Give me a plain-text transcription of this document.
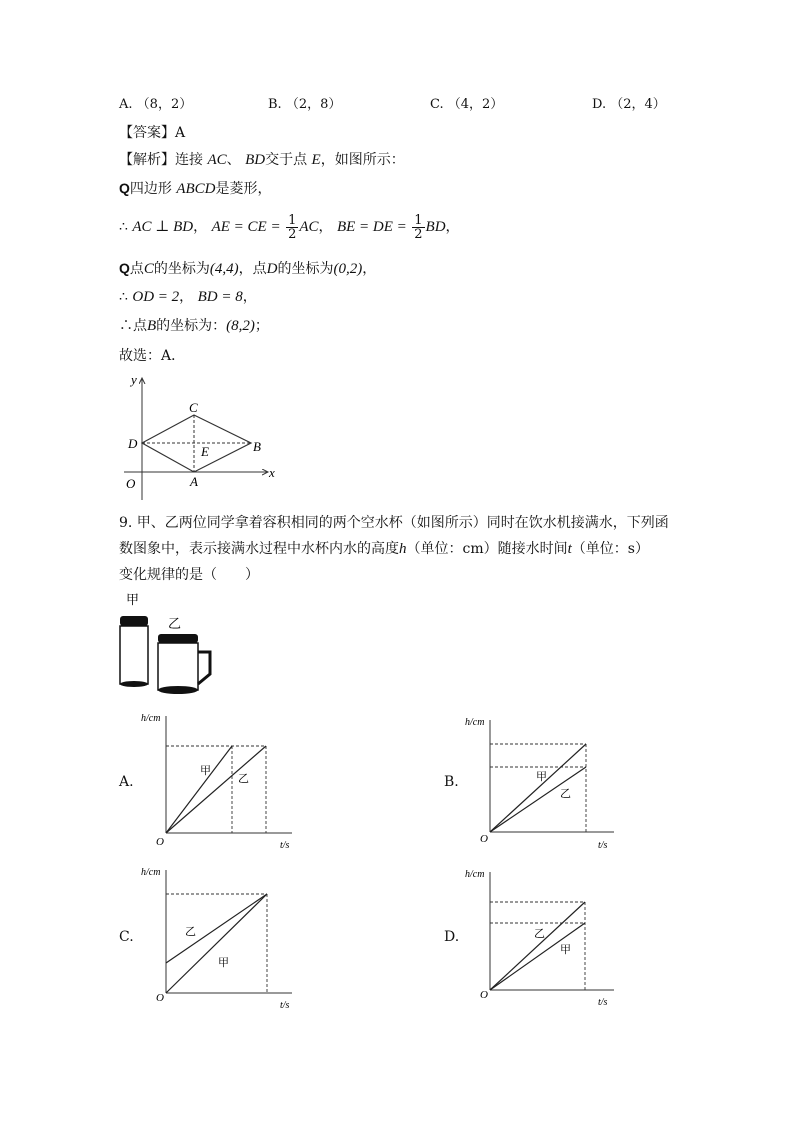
A. （8，2）	B. （2，8）	C. （4，2）	D. （2，4）
【答案】A
【解析】连接 AC、 BD交于点 E，如图所示：
Q四边形 ABCD是菱形，
∴ AC ⊥ BD， AE = CE = $\frac{1}{2}$ AC， BE = DE = $\frac{1}{2}$ BD，
Q点C的坐标为(4,4)，点D的坐标为(0,2)，
∴ OD = 2， BD = 8，
∴点B的坐标为：(8,2)；
故选：A．
y
x
O	A
B
C
D
E
9. 甲、乙两位同学拿着容积相同的两个空水杯（如图所示）同时在饮水机接满水，下列函
数图象中，表示接满水过程中水杯内水的高度h（单位：cm）随接水时间t（单位：s）
变化规律的是（　　）
甲
乙
A.
h/cm
t/s
O
甲
乙	B.
h/cm
t/s
O
甲
乙
C.
h/cm
t/s
O
乙
甲
D.
h/cm
t/s
O
乙
甲
